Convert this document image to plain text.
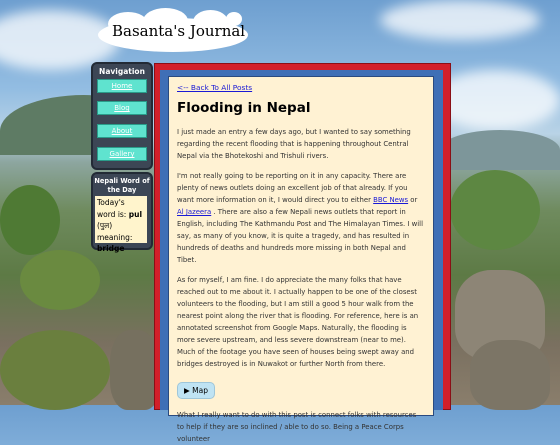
Basanta's Journal
Navigation
Home
Blog
About
Gallery
Nepali Word of the Day
Today's word is: pul (पुल) meaning:
bridge
<-- Back To All Posts
Flooding in Nepal

I just made an entry a few days ago, but I wanted to say something regarding the recent flooding that is happening throughout Central Nepal via the Bhotekoshi and Trishuli rivers.

I'm not really going to be reporting on it in any capacity. There are plenty of news outlets doing an excellent job of that already. If you want more information on it, I would direct you to either BBC News or Al Jazeera . There are also a few Nepali news outlets that report in English, including The Kathmandu Post and The Himalayan Times. I will say, as many of you know, it is quite a tragedy, and has resulted in hundreds of deaths and hundreds more missing in both Nepal and Tibet.

As for myself, I am fine. I do appreciate the many folks that have reached out to me about it. I actually happen to be one of the closest volunteers to the flooding, but I am still a good 5 hour walk from the nearest point along the river that is flooding. For reference, here is an annotated screenshot from Google Maps. Naturally, the flooding is more severe upstream, and less severe downstream (near to me). Much of the footage you have seen of houses being swept away and bridges destroyed is in Nuwakot or further North from there.

▶ Map

What I really want to do with this post is connect folks with resources to help if they are so inclined / able to do so. Being a Peace Corps volunteer
